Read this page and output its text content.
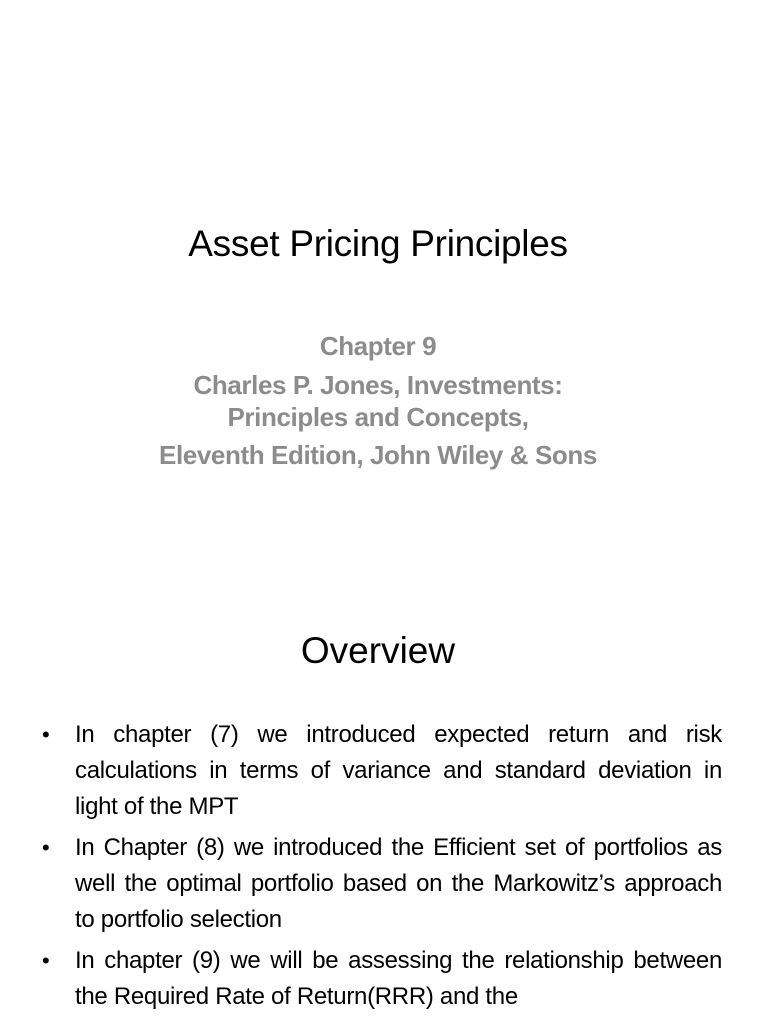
Asset Pricing Principles
Chapter 9
Charles P. Jones, Investments:
Principles and Concepts,
Eleventh Edition, John Wiley & Sons
Overview
•	In chapter (7) we introduced expected return and risk calculations in terms of variance and standard deviation in light of the MPT
•	In Chapter (8) we introduced the Efficient set of portfolios as well the optimal portfolio based on the Markowitz’s approach to portfolio selection
•	In chapter (9) we will be assessing the relationship between the Required Rate of Return(RRR) and the
